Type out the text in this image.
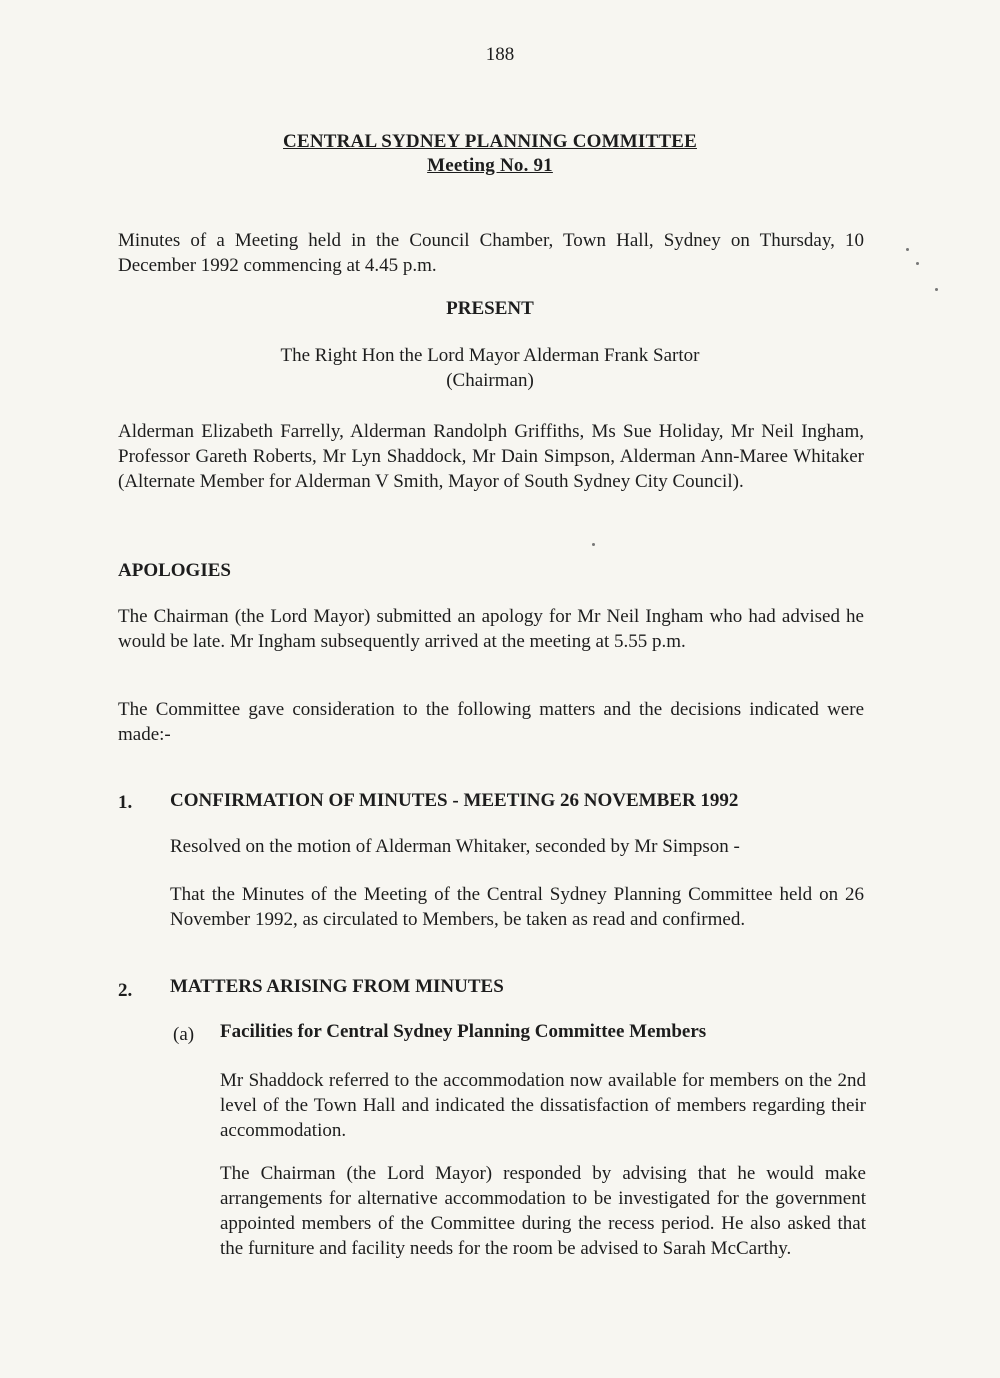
188

CENTRAL SYDNEY PLANNING COMMITTEE

Meeting No. 91

Minutes of a Meeting held in the Council Chamber, Town Hall, Sydney on Thursday, 10 December 1992 commencing at 4.45 p.m.

PRESENT

The Right Hon the Lord Mayor Alderman Frank Sartor

(Chairman)

Alderman Elizabeth Farrelly, Alderman Randolph Griffiths, Ms Sue Holiday, Mr Neil Ingham, Professor Gareth Roberts, Mr Lyn Shaddock, Mr Dain Simpson, Alderman Ann-Maree Whitaker (Alternate Member for Alderman V Smith, Mayor of South Sydney City Council).

APOLOGIES

The Chairman (the Lord Mayor) submitted an apology for Mr Neil Ingham who had advised he would be late. Mr Ingham subsequently arrived at the meeting at 5.55 p.m.

The Committee gave consideration to the following matters and the decisions indicated were made:-

1. CONFIRMATION OF MINUTES - MEETING 26 NOVEMBER 1992

Resolved on the motion of Alderman Whitaker, seconded by Mr Simpson -

That the Minutes of the Meeting of the Central Sydney Planning Committee held on 26 November 1992, as circulated to Members, be taken as read and confirmed.

2. MATTERS ARISING FROM MINUTES

(a) Facilities for Central Sydney Planning Committee Members

Mr Shaddock referred to the accommodation now available for members on the 2nd level of the Town Hall and indicated the dissatisfaction of members regarding their accommodation.

The Chairman (the Lord Mayor) responded by advising that he would make arrangements for alternative accommodation to be investigated for the government appointed members of the Committee during the recess period. He also asked that the furniture and facility needs for the room be advised to Sarah McCarthy.
